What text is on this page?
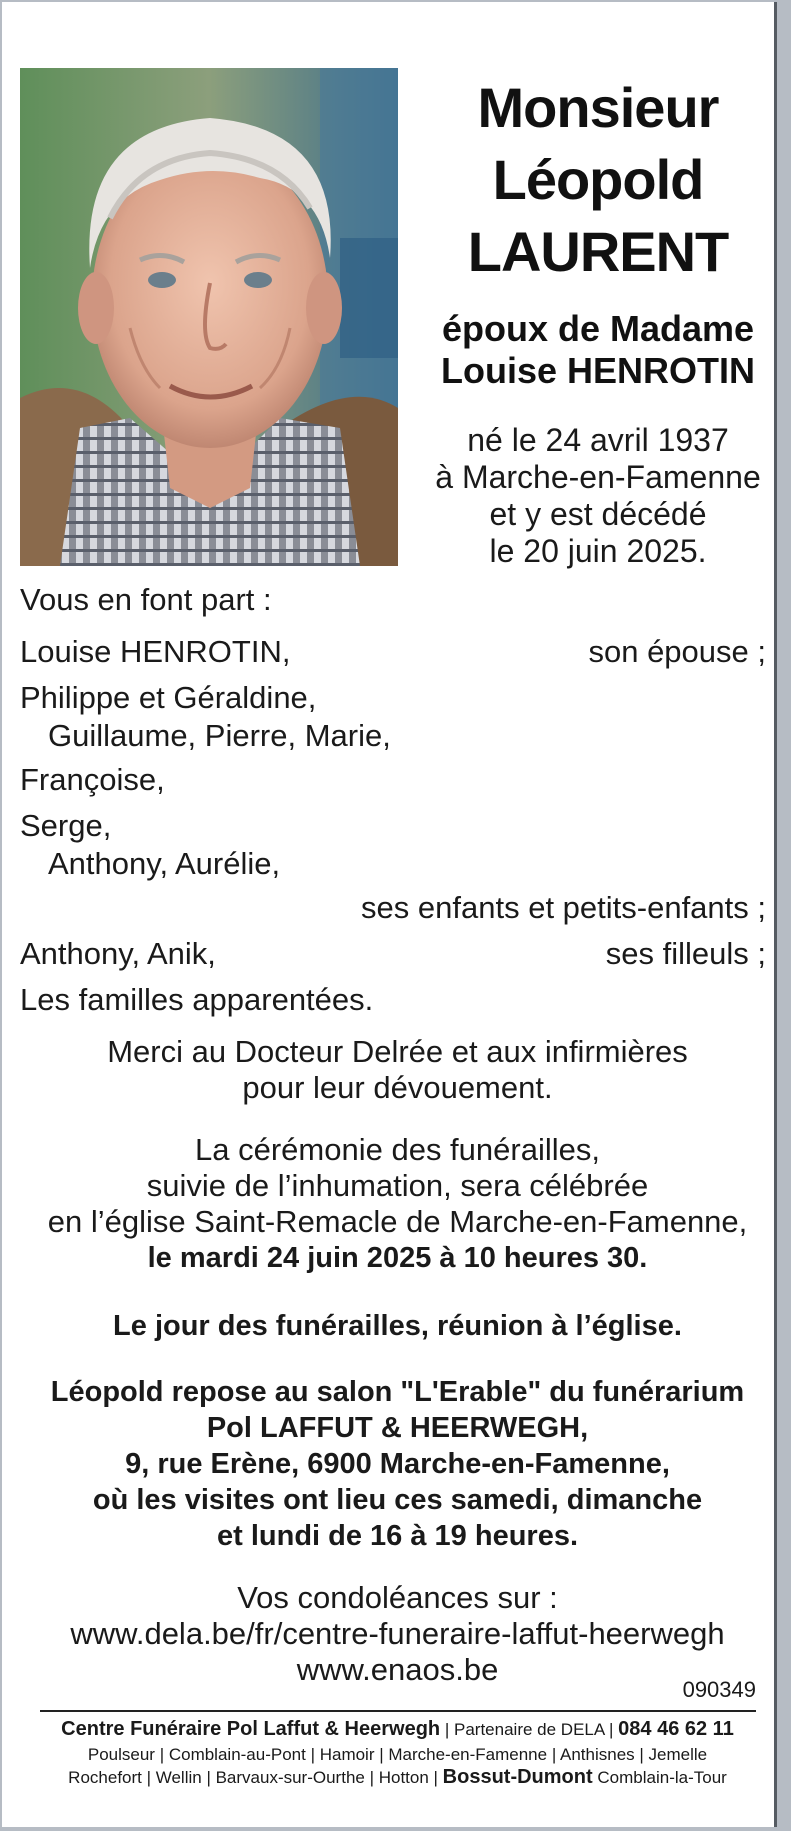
Monsieur
Léopold
LAURENT
époux de Madame
Louise HENROTIN
né le 24 avril 1937
à Marche-en-Famenne
et y est décédé
le 20 juin 2025.
Vous en font part :
Louise HENROTIN,	son épouse ;
Philippe et Géraldine,
Guillaume, Pierre, Marie,
Françoise,
Serge,
Anthony, Aurélie,
ses enfants et petits-enfants ;
Anthony, Anik,	ses filleuls ;
Les familles apparentées.
Merci au Docteur Delrée et aux infirmières
pour leur dévouement.
La cérémonie des funérailles,
suivie de l’inhumation, sera célébrée
en l’église Saint-Remacle de Marche-en-Famenne,
le mardi 24 juin 2025 à 10 heures 30.
Le jour des funérailles, réunion à l’église.
Léopold repose au salon "L'Erable" du funérarium
Pol LAFFUT & HEERWEGH,
9, rue Erène, 6900 Marche-en-Famenne,
où les visites ont lieu ces samedi, dimanche
et lundi de 16 à 19 heures.
Vos condoléances sur :
www.dela.be/fr/centre-funeraire-laffut-heerwegh
www.enaos.be
090349
Centre Funéraire Pol Laffut & Heerwegh | Partenaire de DELA | 084 46 62 11
Poulseur | Comblain-au-Pont | Hamoir | Marche-en-Famenne | Anthisnes | Jemelle
Rochefort | Wellin | Barvaux-sur-Ourthe | Hotton | Bossut-Dumont Comblain-la-Tour
